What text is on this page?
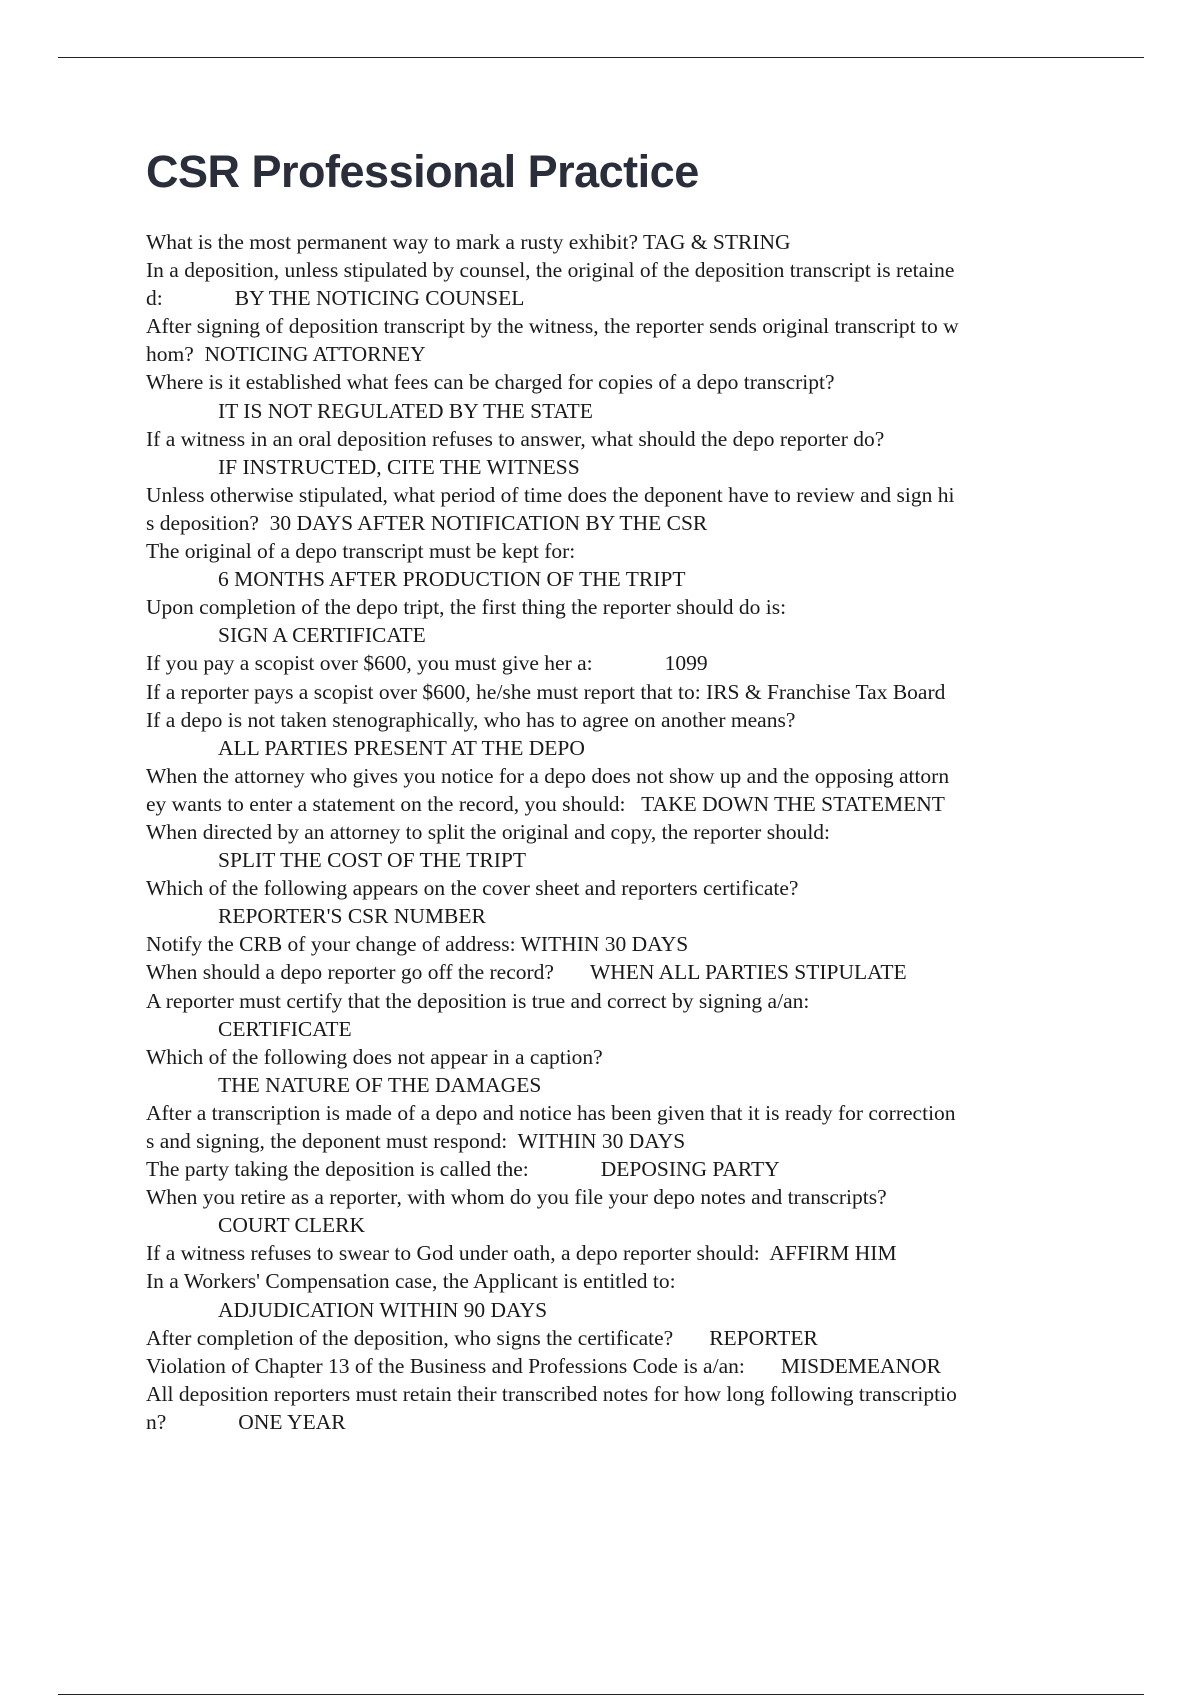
CSR Professional Practice
What is the most permanent way to mark a rusty exhibit? TAG & STRING
In a deposition, unless stipulated by counsel, the original of the deposition transcript is retaine
d:	BY THE NOTICING COUNSEL
After signing of deposition transcript by the witness, the reporter sends original transcript to w
hom?  NOTICING ATTORNEY
Where is it established what fees can be charged for copies of a depo transcript?
IT IS NOT REGULATED BY THE STATE
If a witness in an oral deposition refuses to answer, what should the depo reporter do?
IF INSTRUCTED, CITE THE WITNESS
Unless otherwise stipulated, what period of time does the deponent have to review and sign hi
s deposition?  30 DAYS AFTER NOTIFICATION BY THE CSR
The original of a depo transcript must be kept for:
6 MONTHS AFTER PRODUCTION OF THE TRIPT
Upon completion of the depo tript, the first thing the reporter should do is:
SIGN A CERTIFICATE
If you pay a scopist over $600, you must give her a:	1099
If a reporter pays a scopist over $600, he/she must report that to: IRS & Franchise Tax Board
If a depo is not taken stenographically, who has to agree on another means?
ALL PARTIES PRESENT AT THE DEPO
When the attorney who gives you notice for a depo does not show up and the opposing attorn
ey wants to enter a statement on the record, you should:   TAKE DOWN THE STATEMENT
When directed by an attorney to split the original and copy, the reporter should:
SPLIT THE COST OF THE TRIPT
Which of the following appears on the cover sheet and reporters certificate?
REPORTER'S CSR NUMBER
Notify the CRB of your change of address: WITHIN 30 DAYS
When should a depo reporter go off the record? WHEN ALL PARTIES STIPULATE
A reporter must certify that the deposition is true and correct by signing a/an:
CERTIFICATE
Which of the following does not appear in a caption?
THE NATURE OF THE DAMAGES
After a transcription is made of a depo and notice has been given that it is ready for correction
s and signing, the deponent must respond:  WITHIN 30 DAYS
The party taking the deposition is called the:	DEPOSING PARTY
When you retire as a reporter, with whom do you file your depo notes and transcripts?
COURT CLERK
If a witness refuses to swear to God under oath, a depo reporter should:  AFFIRM HIM
In a Workers' Compensation case, the Applicant is entitled to:
ADJUDICATION WITHIN 90 DAYS
After completion of the deposition, who signs the certificate? REPORTER
Violation of Chapter 13 of the Business and Professions Code is a/an: MISDEMEANOR
All deposition reporters must retain their transcribed notes for how long following transcriptio
n?	ONE YEAR
